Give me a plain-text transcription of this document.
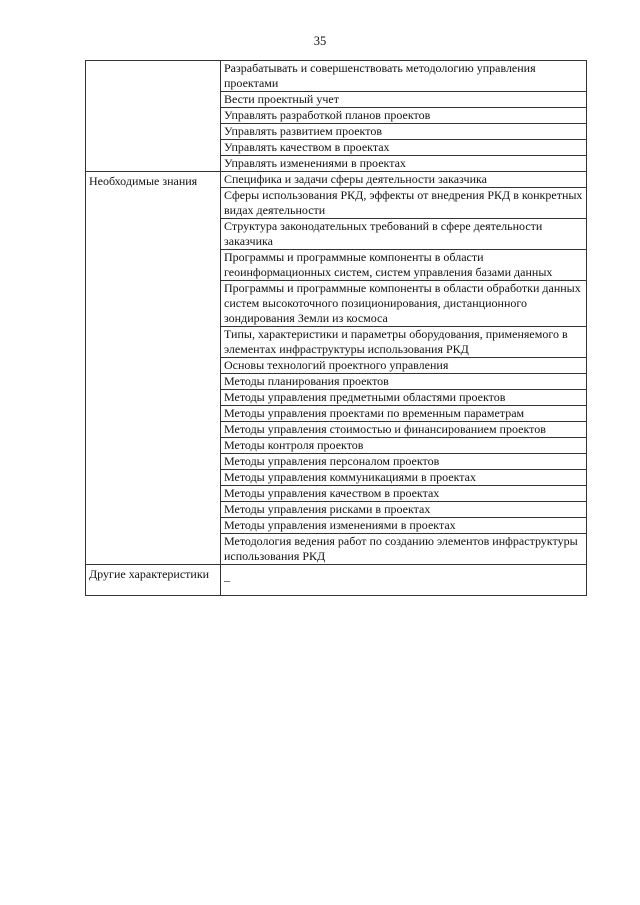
35

	Разрабатывать и совершенствовать методологию управления проектами

	Вести проектный учет

	Управлять разработкой планов проектов

	Управлять развитием проектов

	Управлять качеством в проектах

	Управлять изменениями в проектах

Необходимые знания	Специфика и задачи сферы деятельности заказчика

	Сферы использования РКД, эффекты от внедрения РКД в конкретных видах деятельности

	Структура законодательных требований в сфере деятельности заказчика

	Программы и программные компоненты в области геоинформационных систем, систем управления базами данных

	Программы и программные компоненты в области обработки данных систем высокоточного позиционирования, дистанционного зондирования Земли из космоса

	Типы, характеристики и параметры оборудования, применяемого в элементах инфраструктуры использования РКД

	Основы технологий проектного управления

	Методы планирования проектов

	Методы управления предметными областями проектов

	Методы управления проектами по временным параметрам

	Методы управления стоимостью и финансированием проектов

	Методы контроля проектов

	Методы управления персоналом проектов

	Методы управления коммуникациями в проектах

	Методы управления качеством в проектах

	Методы управления рисками в проектах

	Методы управления изменениями в проектах

	Методология ведения работ по созданию элементов инфраструктуры использования РКД

Другие характеристики	–
